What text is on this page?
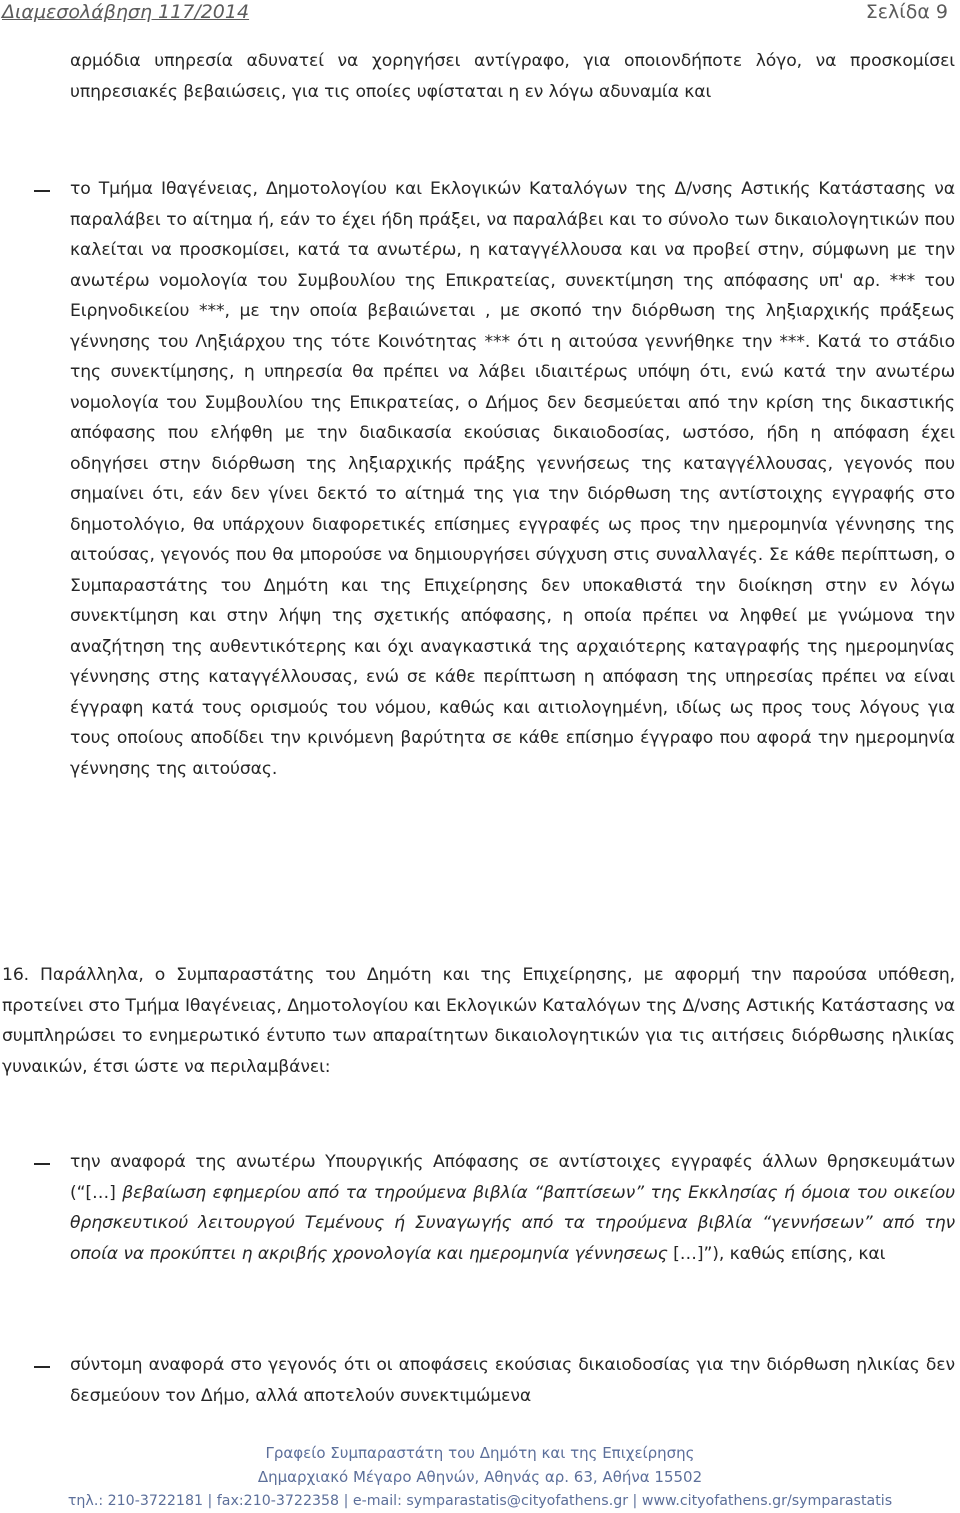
Διαμεσολάβηση 117/2014	Σελίδα 9
αρμόδια υπηρεσία αδυνατεί να χορηγήσει αντίγραφο, για οποιονδήποτε λόγο, να προσκομίσει υπηρεσιακές βεβαιώσεις, για τις οποίες υφίσταται η εν λόγω αδυναμία και
το Τμήμα Ιθαγένειας, Δημοτολογίου και Εκλογικών Καταλόγων της Δ/νσης Αστικής Κατάστασης να παραλάβει το αίτημα ή, εάν το έχει ήδη πράξει, να παραλάβει και το σύνολο των δικαιολογητικών που καλείται να προσκομίσει, κατά τα ανωτέρω, η καταγγέλλουσα και να προβεί στην, σύμφωνη με την ανωτέρω νομολογία του Συμβουλίου της Επικρατείας, συνεκτίμηση της απόφασης υπ' αρ. *** του Ειρηνοδικείου ***, με την οποία βεβαιώνεται , με σκοπό την διόρθωση της ληξιαρχικής πράξεως γέννησης του Ληξιάρχου της τότε Κοινότητας *** ότι η αιτούσα γεννήθηκε την ***. Κατά το στάδιο της συνεκτίμησης, η υπηρεσία θα πρέπει να λάβει ιδιαιτέρως υπόψη ότι, ενώ κατά την ανωτέρω νομολογία του Συμβουλίου της Επικρατείας, ο Δήμος δεν δεσμεύεται από την κρίση της δικαστικής απόφασης που ελήφθη με την διαδικασία εκούσιας δικαιοδοσίας, ωστόσο, ήδη η απόφαση έχει οδηγήσει στην διόρθωση της ληξιαρχικής πράξης γεννήσεως της καταγγέλλουσας, γεγονός που σημαίνει ότι, εάν δεν γίνει δεκτό το αίτημά της για την διόρθωση της αντίστοιχης εγγραφής στο δημοτολόγιο, θα υπάρχουν διαφορετικές επίσημες εγγραφές ως προς την ημερομηνία γέννησης της αιτούσας, γεγονός που θα μπορούσε να δημιουργήσει σύγχυση στις συναλλαγές. Σε κάθε περίπτωση, ο Συμπαραστάτης του Δημότη και της Επιχείρησης δεν υποκαθιστά την διοίκηση στην εν λόγω συνεκτίμηση και στην λήψη της σχετικής απόφασης, η οποία πρέπει να ληφθεί με γνώμονα την αναζήτηση της αυθεντικότερης και όχι αναγκαστικά της αρχαιότερης καταγραφής της ημερομηνίας γέννησης στης καταγγέλλουσας, ενώ σε κάθε περίπτωση η απόφαση της υπηρεσίας πρέπει να είναι έγγραφη κατά τους ορισμούς του νόμου, καθώς και αιτιολογημένη, ιδίως ως προς τους λόγους για τους οποίους αποδίδει την κρινόμενη βαρύτητα σε κάθε επίσημο έγγραφο που αφορά την ημερομηνία γέννησης της αιτούσας.
16. Παράλληλα, ο Συμπαραστάτης του Δημότη και της Επιχείρησης, με αφορμή την παρούσα υπόθεση, προτείνει στο Τμήμα Ιθαγένειας, Δημοτολογίου και Εκλογικών Καταλόγων της Δ/νσης Αστικής Κατάστασης να συμπληρώσει το ενημερωτικό έντυπο των απαραίτητων δικαιολογητικών για τις αιτήσεις διόρθωσης ηλικίας γυναικών, έτσι ώστε να περιλαμβάνει:
την αναφορά της ανωτέρω Υπουργικής Απόφασης σε αντίστοιχες εγγραφές άλλων θρησκευμάτων (“[…] βεβαίωση εφημερίου από τα τηρούμενα βιβλία “βαπτίσεων” της Εκκλησίας ή όμοια του οικείου θρησκευτικού λειτουργού Τεμένους ή Συναγωγής από τα τηρούμενα βιβλία “γεννήσεων” από την οποία να προκύπτει η ακριβής χρονολογία και ημερομηνία γέννησεως […]”), καθώς επίσης, και
σύντομη αναφορά στο γεγονός ότι οι αποφάσεις εκούσιας δικαιοδοσίας για την διόρθωση ηλικίας δεν δεσμεύουν τον Δήμο, αλλά αποτελούν συνεκτιμώμενα
Γραφείο Συμπαραστάτη του Δημότη και της Επιχείρησης
Δημαρχιακό Μέγαρο Αθηνών, Αθηνάς αρ. 63, Αθήνα 15502
τηλ.: 210-3722181 | fax:210-3722358 | e-mail: symparastatis@cityofathens.gr | www.cityofathens.gr/symparastatis
